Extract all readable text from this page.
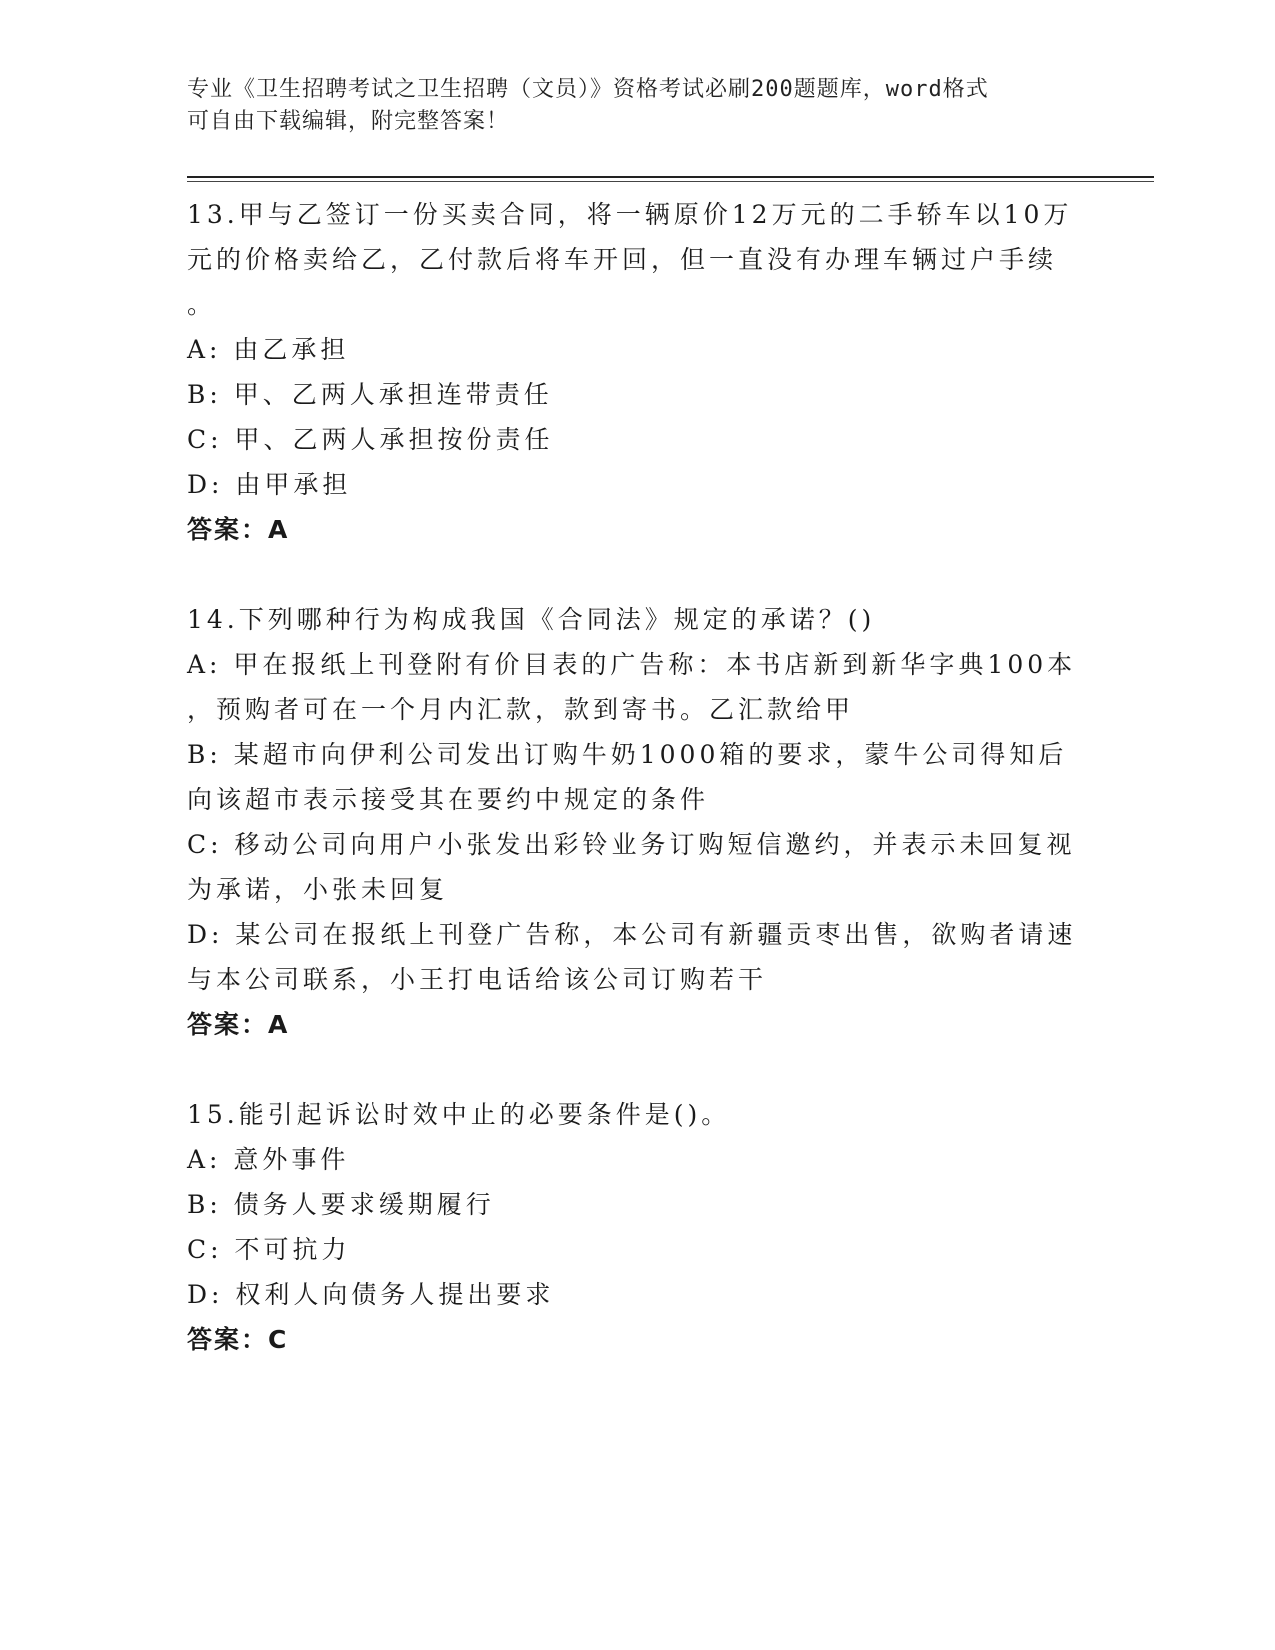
专业《卫生招聘考试之卫生招聘（文员）》资格考试必刷200题题库，word格式
可自由下载编辑，附完整答案！
13.甲与乙签订一份买卖合同，将一辆原价12万元的二手轿车以10万
元的价格卖给乙，乙付款后将车开回，但一直没有办理车辆过户手续
。
A: 由乙承担
B: 甲、乙两人承担连带责任
C: 甲、乙两人承担按份责任
D: 由甲承担
答案：A
14.下列哪种行为构成我国《合同法》规定的承诺？()
A: 甲在报纸上刊登附有价目表的广告称：本书店新到新华字典100本
，预购者可在一个月内汇款，款到寄书。乙汇款给甲
B: 某超市向伊利公司发出订购牛奶1000箱的要求，蒙牛公司得知后
向该超市表示接受其在要约中规定的条件
C: 移动公司向用户小张发出彩铃业务订购短信邀约，并表示未回复视
为承诺，小张未回复
D: 某公司在报纸上刊登广告称，本公司有新疆贡枣出售，欲购者请速
与本公司联系，小王打电话给该公司订购若干
答案：A
15.能引起诉讼时效中止的必要条件是()。
A: 意外事件
B: 债务人要求缓期履行
C: 不可抗力
D: 权利人向债务人提出要求
答案：C
